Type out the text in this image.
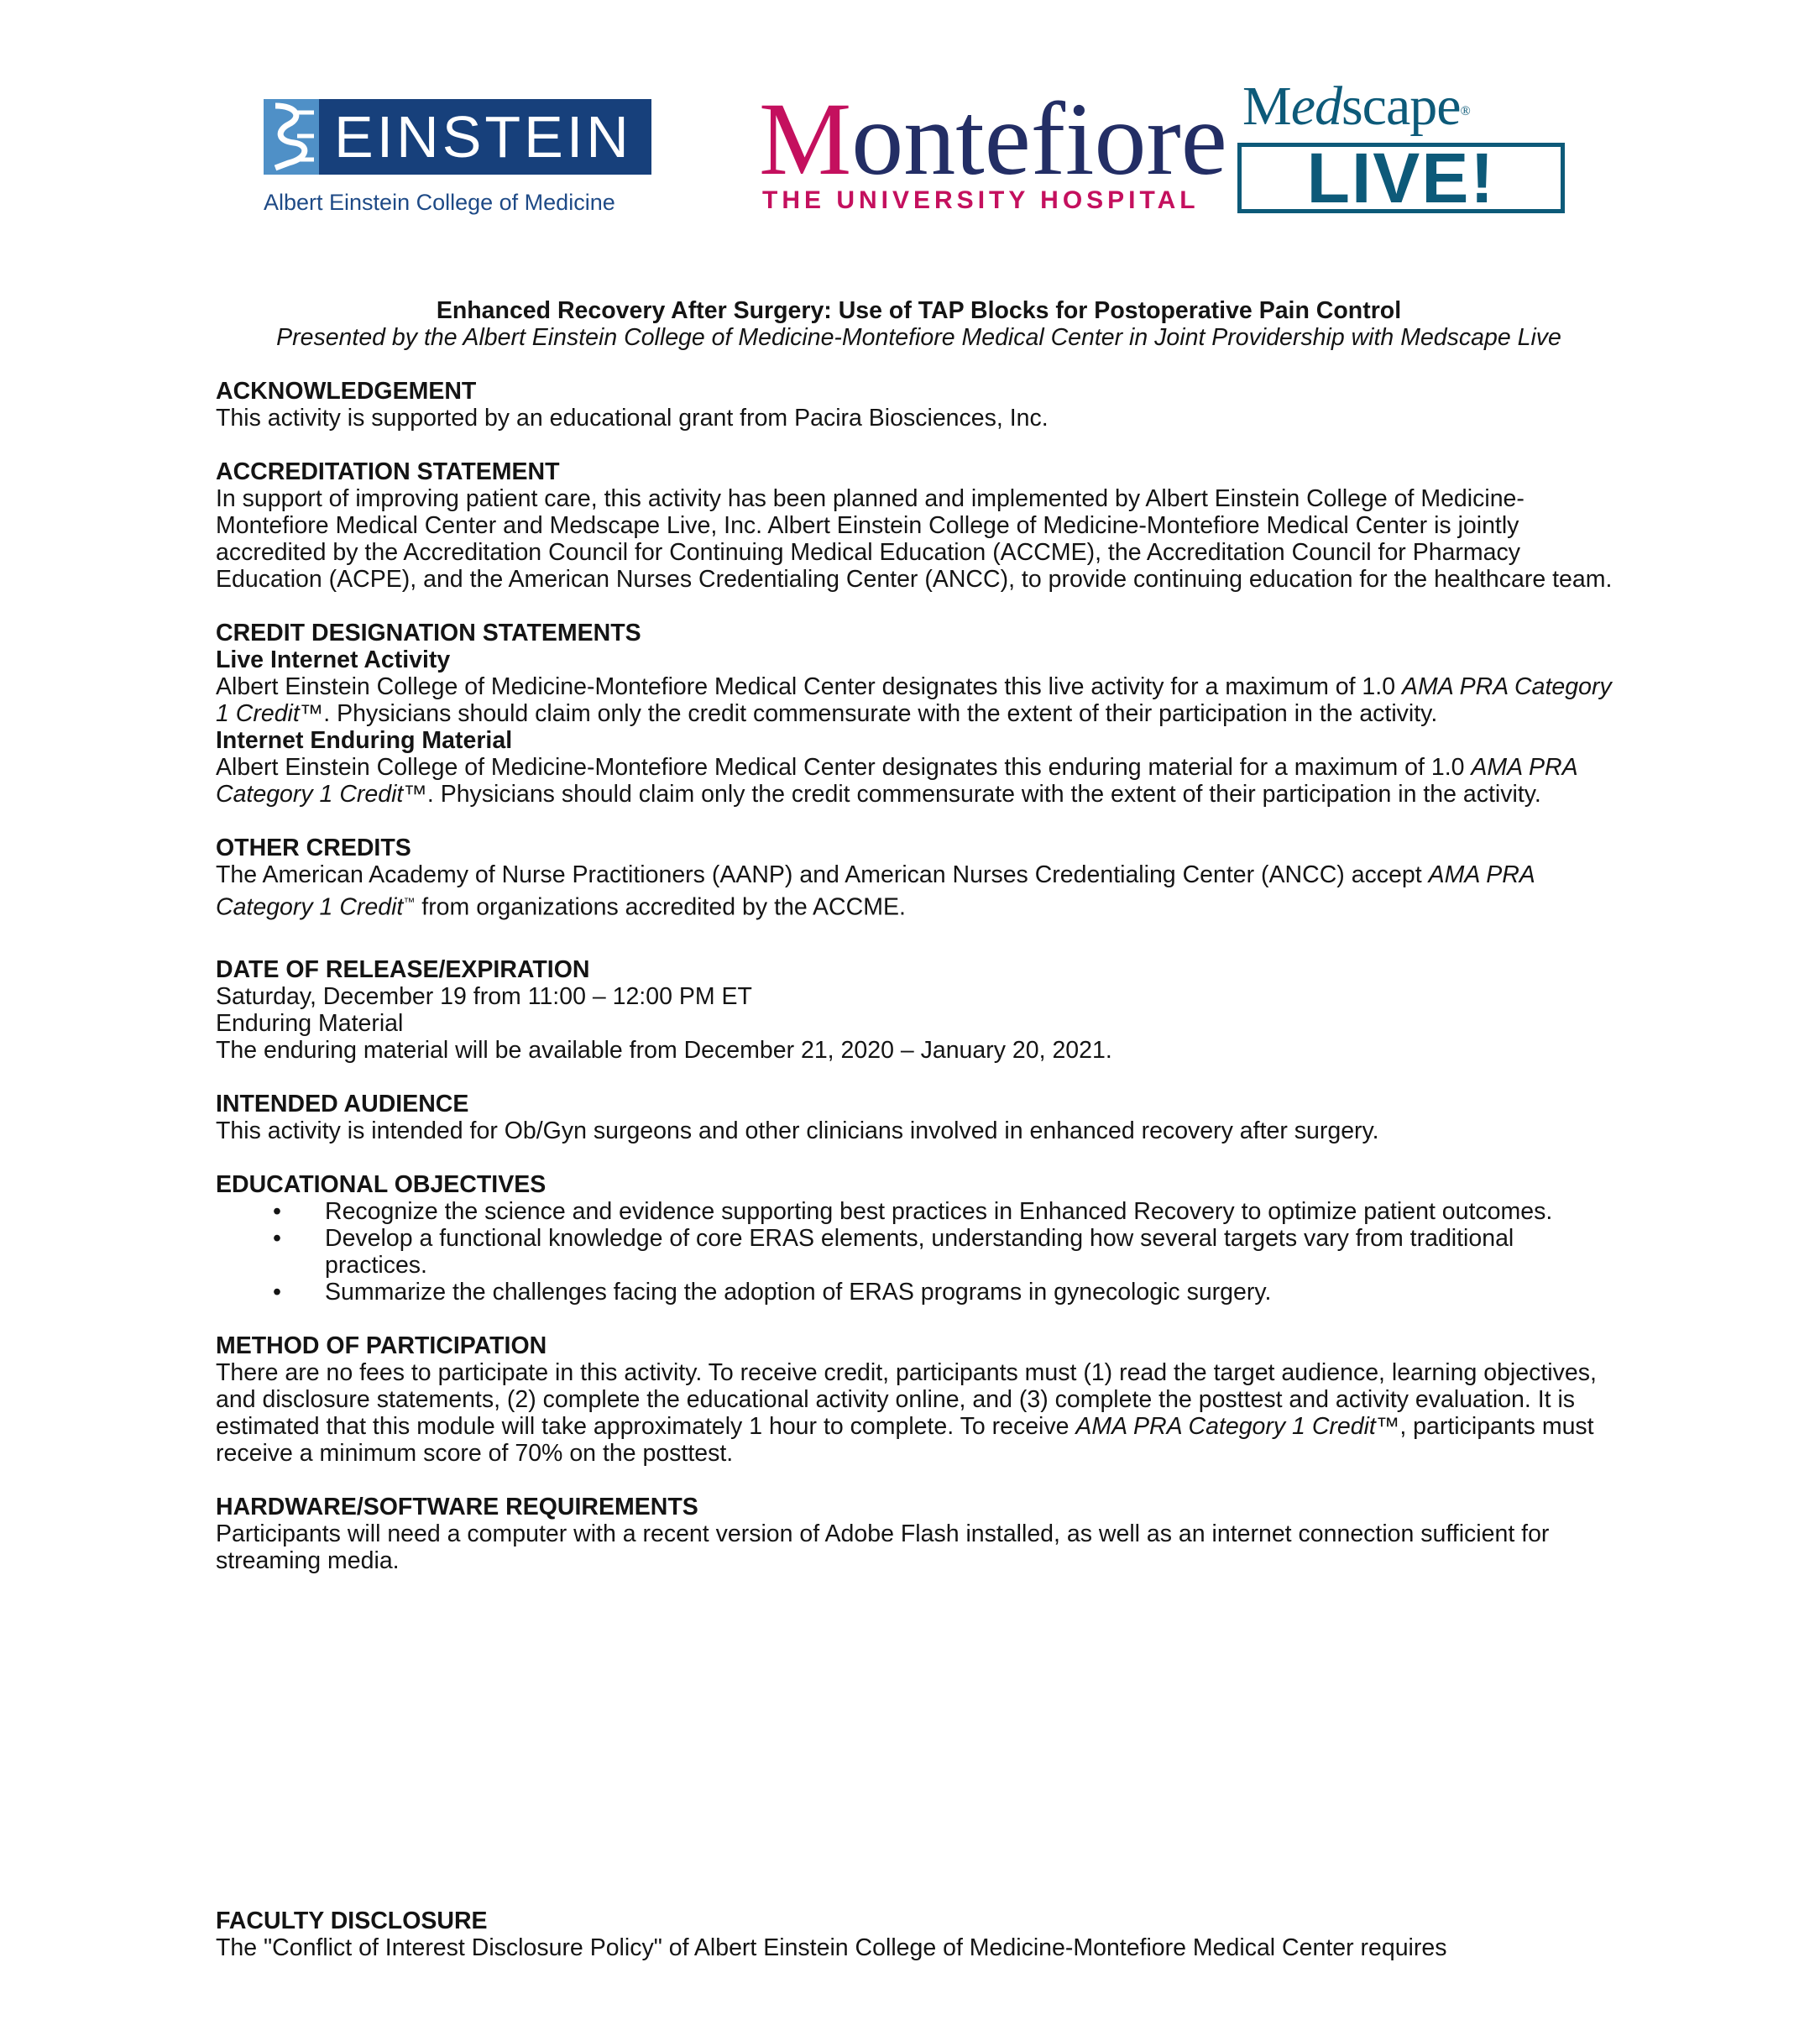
EINSTEIN
Albert Einstein College of Medicine
Montefiore
THE UNIVERSITY HOSPITAL
Medscape®
LIVE!
Enhanced Recovery After Surgery: Use of TAP Blocks for Postoperative Pain Control
Presented by the Albert Einstein College of Medicine-Montefiore Medical Center in Joint Providership with Medscape Live
ACKNOWLEDGEMENT

This activity is supported by an educational grant from Pacira Biosciences, Inc.

ACCREDITATION STATEMENT

In support of improving patient care, this activity has been planned and implemented by Albert Einstein College of Medicine-Montefiore Medical Center and Medscape Live, Inc. Albert Einstein College of Medicine-Montefiore Medical Center is jointly accredited by the Accreditation Council for Continuing Medical Education (ACCME), the Accreditation Council for Pharmacy Education (ACPE), and the American Nurses Credentialing Center (ANCC), to provide continuing education for the healthcare team.

CREDIT DESIGNATION STATEMENTS
Live Internet Activity

Albert Einstein College of Medicine-Montefiore Medical Center designates this live activity for a maximum of 1.0 AMA PRA Category 1 Credit™. Physicians should claim only the credit commensurate with the extent of their participation in the activity.

Internet Enduring Material

Albert Einstein College of Medicine-Montefiore Medical Center designates this enduring material for a maximum of 1.0 AMA PRA Category 1 Credit™. Physicians should claim only the credit commensurate with the extent of their participation in the activity.

OTHER CREDITS

The American Academy of Nurse Practitioners (AANP) and American Nurses Credentialing Center (ANCC) accept AMA PRA Category 1 Credit™ from organizations accredited by the ACCME.

DATE OF RELEASE/EXPIRATION

Saturday, December 19 from 11:00 – 12:00 PM ET

Enduring Material

The enduring material will be available from December 21, 2020 – January 20, 2021.

INTENDED AUDIENCE

This activity is intended for Ob/Gyn surgeons and other clinicians involved in enhanced recovery after surgery.

EDUCATIONAL OBJECTIVES
• Recognize the science and evidence supporting best practices in Enhanced Recovery to optimize patient outcomes.
• Develop a functional knowledge of core ERAS elements, understanding how several targets vary from traditional practices.
• Summarize the challenges facing the adoption of ERAS programs in gynecologic surgery.
METHOD OF PARTICIPATION

There are no fees to participate in this activity. To receive credit, participants must (1) read the target audience, learning objectives, and disclosure statements, (2) complete the educational activity online, and (3) complete the posttest and activity evaluation. It is estimated that this module will take approximately 1 hour to complete. To receive AMA PRA Category 1 Credit™, participants must receive a minimum score of 70% on the posttest.

HARDWARE/SOFTWARE REQUIREMENTS

Participants will need a computer with a recent version of Adobe Flash installed, as well as an internet connection sufficient for streaming media.

FACULTY DISCLOSURE

The "Conflict of Interest Disclosure Policy" of Albert Einstein College of Medicine-Montefiore Medical Center requires
